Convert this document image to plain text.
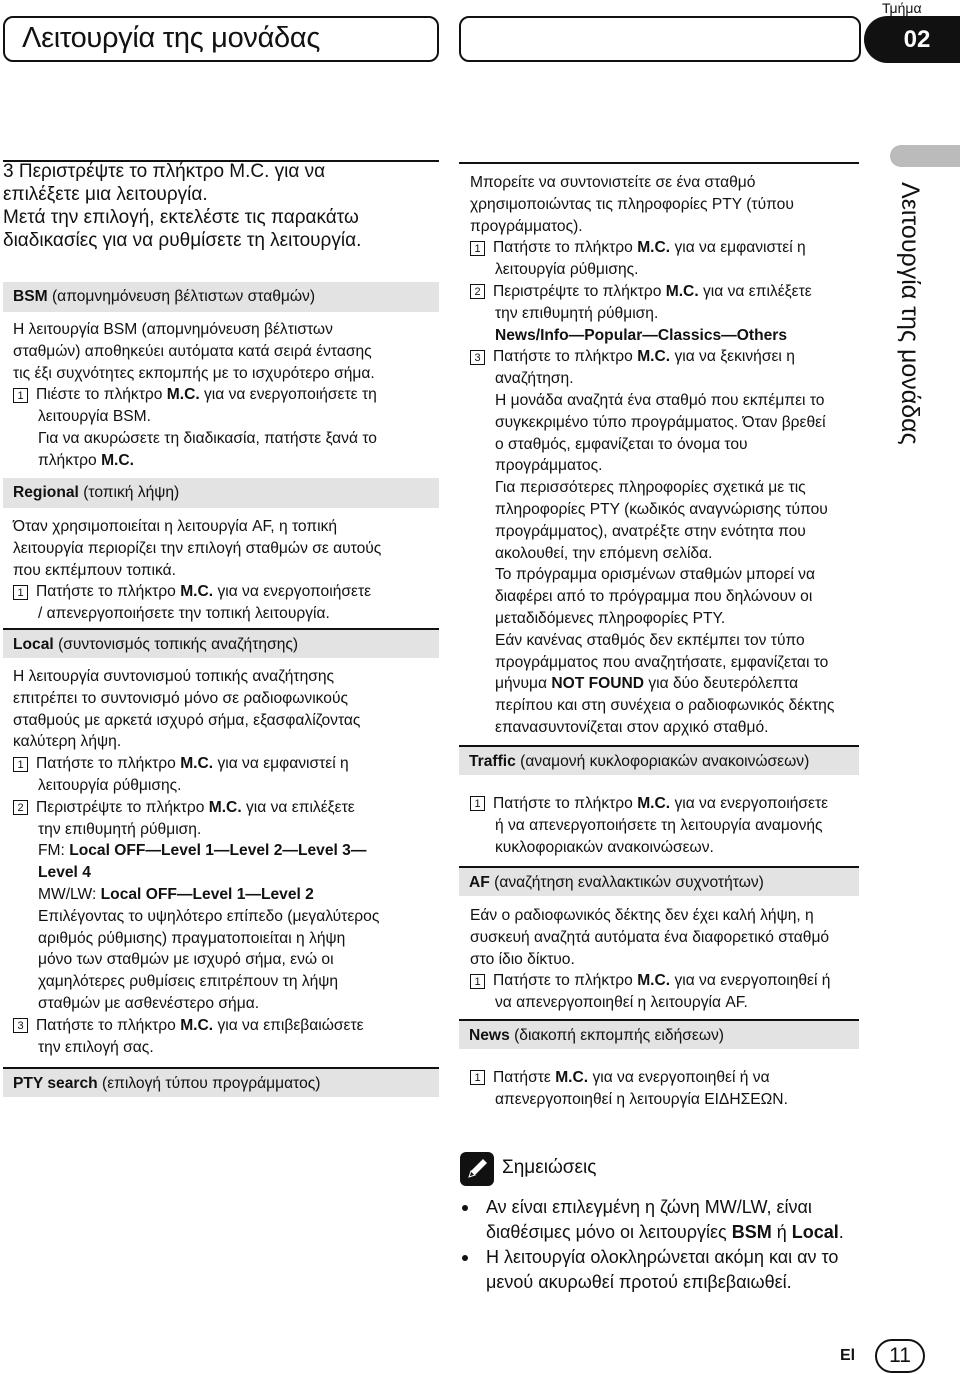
Λειτουργία της μονάδας
Τμήμα
02
Λειτουργία της μονάδας
3 Περιστρέψτε το πλήκτρο M.C. για να
επιλέξετε μια λειτουργία.
Μετά την επιλογή, εκτελέστε τις παρακάτω
διαδικασίες για να ρυθμίσετε τη λειτουργία.
BSM (απομνημόνευση βέλτιστων σταθμών)
Η λειτουργία BSM (απομνημόνευση βέλτιστων
σταθμών) αποθηκεύει αυτόματα κατά σειρά έντασης
τις έξι συχνότητες εκπομπής με το ισχυρότερο σήμα.
1 Πιέστε το πλήκτρο M.C. για να ενεργοποιήσετε τη
λειτουργία BSM.
Για να ακυρώσετε τη διαδικασία, πατήστε ξανά το
πλήκτρο M.C.
Regional (τοπική λήψη)
Όταν χρησιμοποιείται η λειτουργία AF, η τοπική
λειτουργία περιορίζει την επιλογή σταθμών σε αυτούς
που εκπέμπουν τοπικά.
1 Πατήστε το πλήκτρο M.C. για να ενεργοποιήσετε
/ απενεργοποιήσετε την τοπική λειτουργία.
Local (συντονισμός τοπικής αναζήτησης)
Η λειτουργία συντονισμού τοπικής αναζήτησης
επιτρέπει το συντονισμό μόνο σε ραδιοφωνικούς
σταθμούς με αρκετά ισχυρό σήμα, εξασφαλίζοντας
καλύτερη λήψη.
1 Πατήστε το πλήκτρο M.C. για να εμφανιστεί η
λειτουργία ρύθμισης.
2 Περιστρέψτε το πλήκτρο M.C. για να επιλέξετε
την επιθυμητή ρύθμιση.
FM: Local OFF—Level 1—Level 2—Level 3—
Level 4
MW/LW: Local OFF—Level 1—Level 2
Επιλέγοντας το υψηλότερο επίπεδο (μεγαλύτερος
αριθμός ρύθμισης) πραγματοποιείται η λήψη
μόνο των σταθμών με ισχυρό σήμα, ενώ οι
χαμηλότερες ρυθμίσεις επιτρέπουν τη λήψη
σταθμών με ασθενέστερο σήμα.
3 Πατήστε το πλήκτρο M.C. για να επιβεβαιώσετε
την επιλογή σας.
PTY search (επιλογή τύπου προγράμματος)
Μπορείτε να συντονιστείτε σε ένα σταθμό
χρησιμοποιώντας τις πληροφορίες PTY (τύπου
προγράμματος).
1 Πατήστε το πλήκτρο M.C. για να εμφανιστεί η
λειτουργία ρύθμισης.
2 Περιστρέψτε το πλήκτρο M.C. για να επιλέξετε
την επιθυμητή ρύθμιση.
News/Info—Popular—Classics—Others
3 Πατήστε το πλήκτρο M.C. για να ξεκινήσει η
αναζήτηση.
Η μονάδα αναζητά ένα σταθμό που εκπέμπει το
συγκεκριμένο τύπο προγράμματος. Όταν βρεθεί
ο σταθμός, εμφανίζεται το όνομα του
προγράμματος.
Για περισσότερες πληροφορίες σχετικά με τις
πληροφορίες PTY (κωδικός αναγνώρισης τύπου
προγράμματος), ανατρέξτε στην ενότητα που
ακολουθεί, την επόμενη σελίδα.
Το πρόγραμμα ορισμένων σταθμών μπορεί να
διαφέρει από το πρόγραμμα που δηλώνουν οι
μεταδιδόμενες πληροφορίες PTY.
Εάν κανένας σταθμός δεν εκπέμπει τον τύπο
προγράμματος που αναζητήσατε, εμφανίζεται το
μήνυμα NOT FOUND για δύο δευτερόλεπτα
περίπου και στη συνέχεια ο ραδιοφωνικός δέκτης
επανασυντονίζεται στον αρχικό σταθμό.
Traffic (αναμονή κυκλοφοριακών ανακοινώσεων)
1 Πατήστε το πλήκτρο M.C. για να ενεργοποιήσετε
ή να απενεργοποιήσετε τη λειτουργία αναμονής
κυκλοφοριακών ανακοινώσεων.
AF (αναζήτηση εναλλακτικών συχνοτήτων)
Εάν ο ραδιοφωνικός δέκτης δεν έχει καλή λήψη, η
συσκευή αναζητά αυτόματα ένα διαφορετικό σταθμό
στο ίδιο δίκτυο.
1 Πατήστε το πλήκτρο M.C. για να ενεργοποιηθεί ή
να απενεργοποιηθεί η λειτουργία AF.
News (διακοπή εκπομπής ειδήσεων)
1 Πατήστε M.C. για να ενεργοποιηθεί ή να
απενεργοποιηθεί η λειτουργία ΕΙΔΗΣΕΩΝ.
Σημειώσεις
Αν είναι επιλεγμένη η ζώνη MW/LW, είναι
διαθέσιμες μόνο οι λειτουργίες BSM ή Local.
Η λειτουργία ολοκληρώνεται ακόμη και αν το
μενού ακυρωθεί προτού επιβεβαιωθεί.
El	11
